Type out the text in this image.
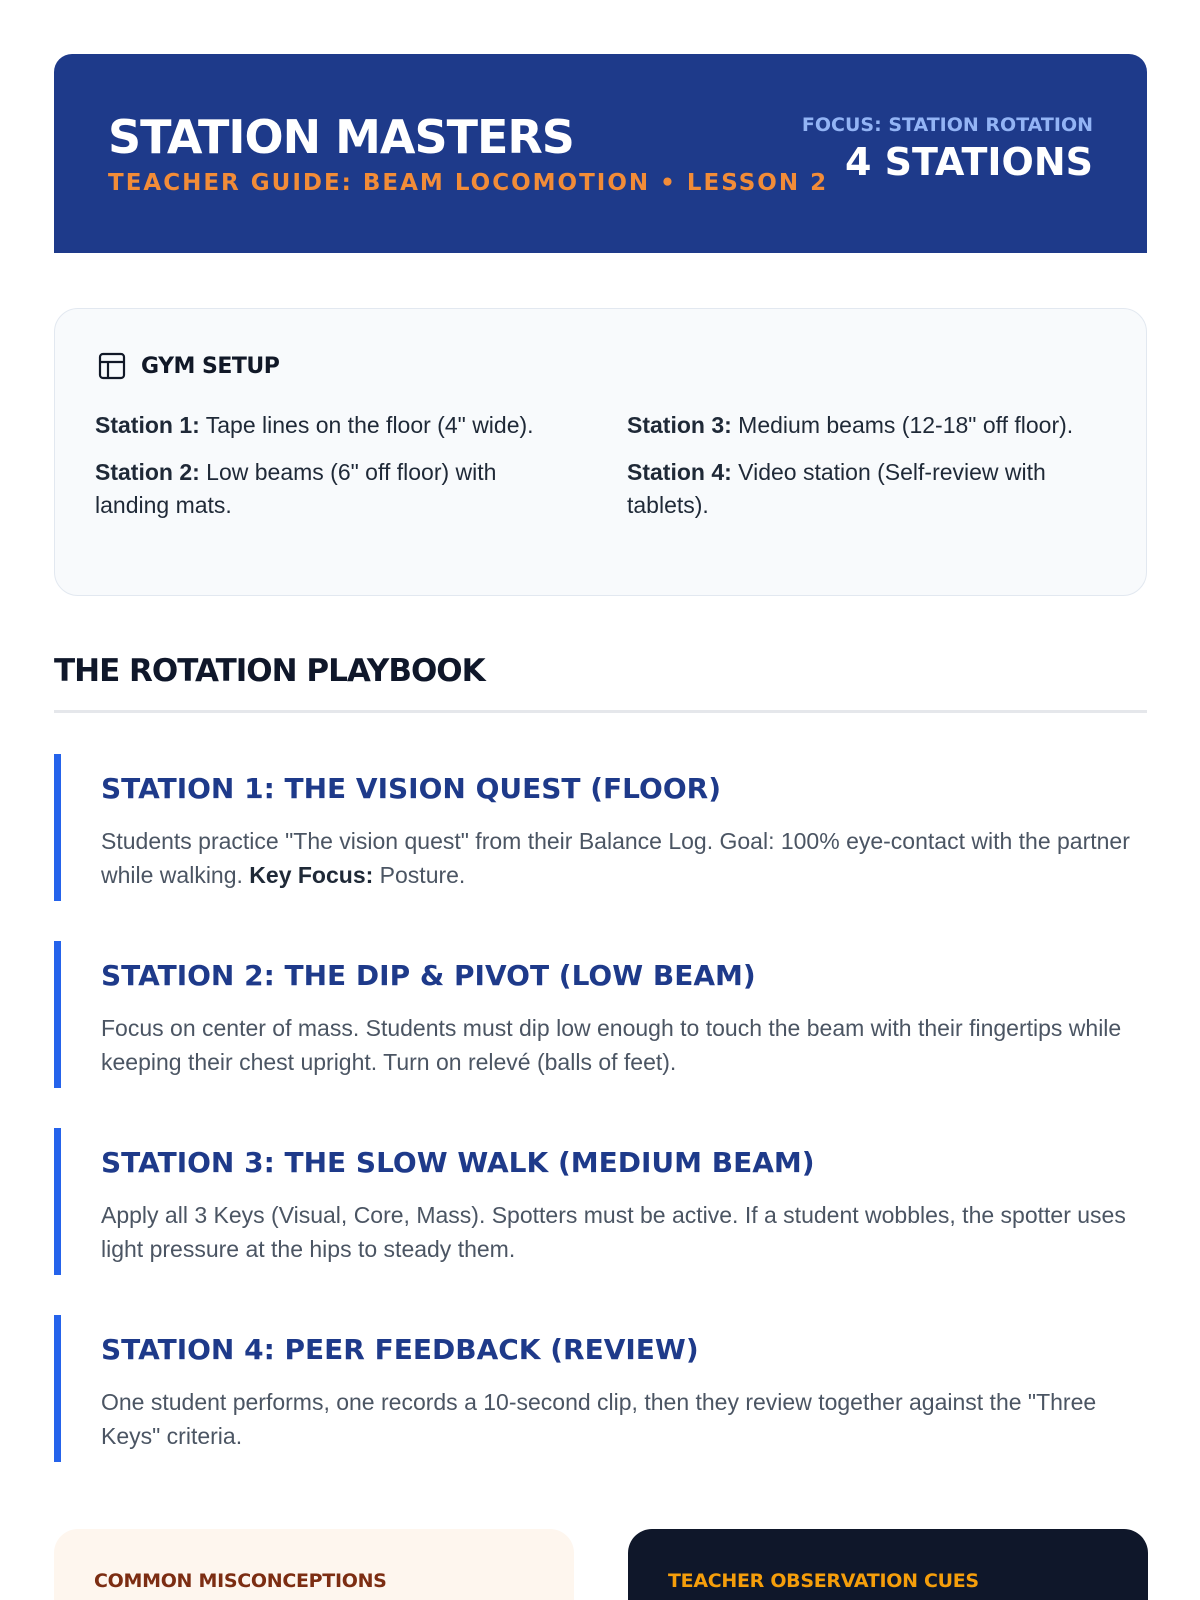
STATION MASTERS
TEACHER GUIDE: BEAM LOCOMOTION • LESSON 2
FOCUS: STATION ROTATION
4 STATIONS
GYM SETUP
Station 1: Tape lines on the floor (4" wide).
Station 2: Low beams (6" off floor) with landing mats.
Station 3: Medium beams (12-18" off floor).
Station 4: Video station (Self-review with tablets).
THE ROTATION PLAYBOOK
STATION 1: THE VISION QUEST (FLOOR)
Students practice "The vision quest" from their Balance Log. Goal: 100% eye-contact with the partner while walking. Key Focus: Posture.
STATION 2: THE DIP & PIVOT (LOW BEAM)
Focus on center of mass. Students must dip low enough to touch the beam with their fingertips while keeping their chest upright. Turn on relevé (balls of feet).
STATION 3: THE SLOW WALK (MEDIUM BEAM)
Apply all 3 Keys (Visual, Core, Mass). Spotters must be active. If a student wobbles, the spotter uses light pressure at the hips to steady them.
STATION 4: PEER FEEDBACK (REVIEW)
One student performs, one records a 10-second clip, then they review together against the "Three Keys" criteria.
COMMON MISCONCEPTIONS	TEACHER OBSERVATION CUES
